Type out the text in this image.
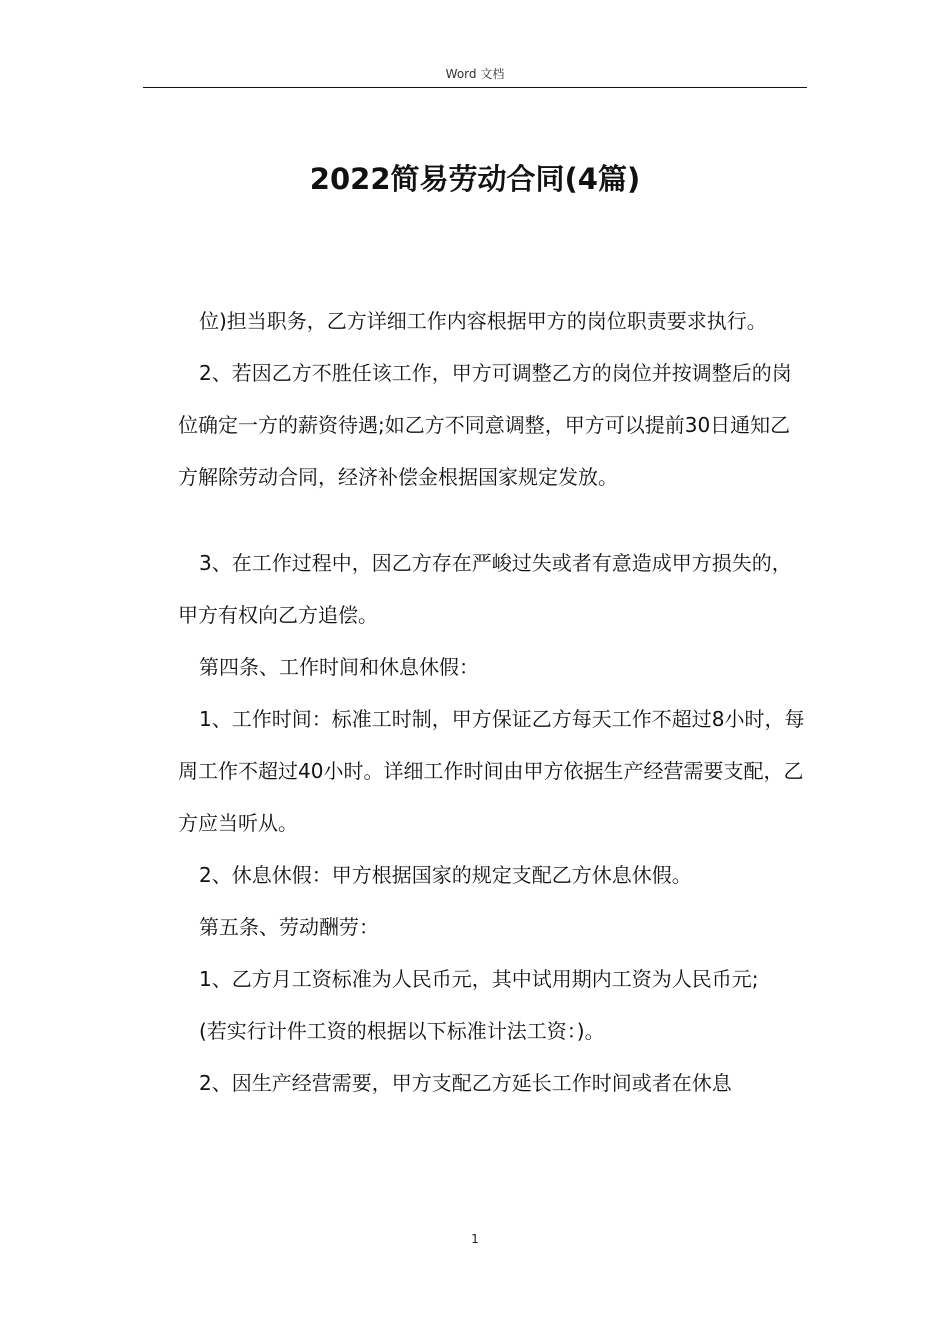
Word 文档
2022简易劳动合同(4篇)

位)担当职务，乙方详细工作内容根据甲方的岗位职责要求执行。

2、若因乙方不胜任该工作，甲方可调整乙方的岗位并按调整后的岗位确定一方的薪资待遇;如乙方不同意调整，甲方可以提前30日通知乙方解除劳动合同，经济补偿金根据国家规定发放。

3、在工作过程中，因乙方存在严峻过失或者有意造成甲方损失的，甲方有权向乙方追偿。

第四条、工作时间和休息休假：

1、工作时间：标准工时制，甲方保证乙方每天工作不超过8小时，每周工作不超过40小时。详细工作时间由甲方依据生产经营需要支配，乙方应当听从。

2、休息休假：甲方根据国家的规定支配乙方休息休假。

第五条、劳动酬劳：

1、乙方月工资标准为人民币元，其中试用期内工资为人民币元;

(若实行计件工资的根据以下标准计法工资：)。

2、因生产经营需要，甲方支配乙方延长工作时间或者在休息

1
